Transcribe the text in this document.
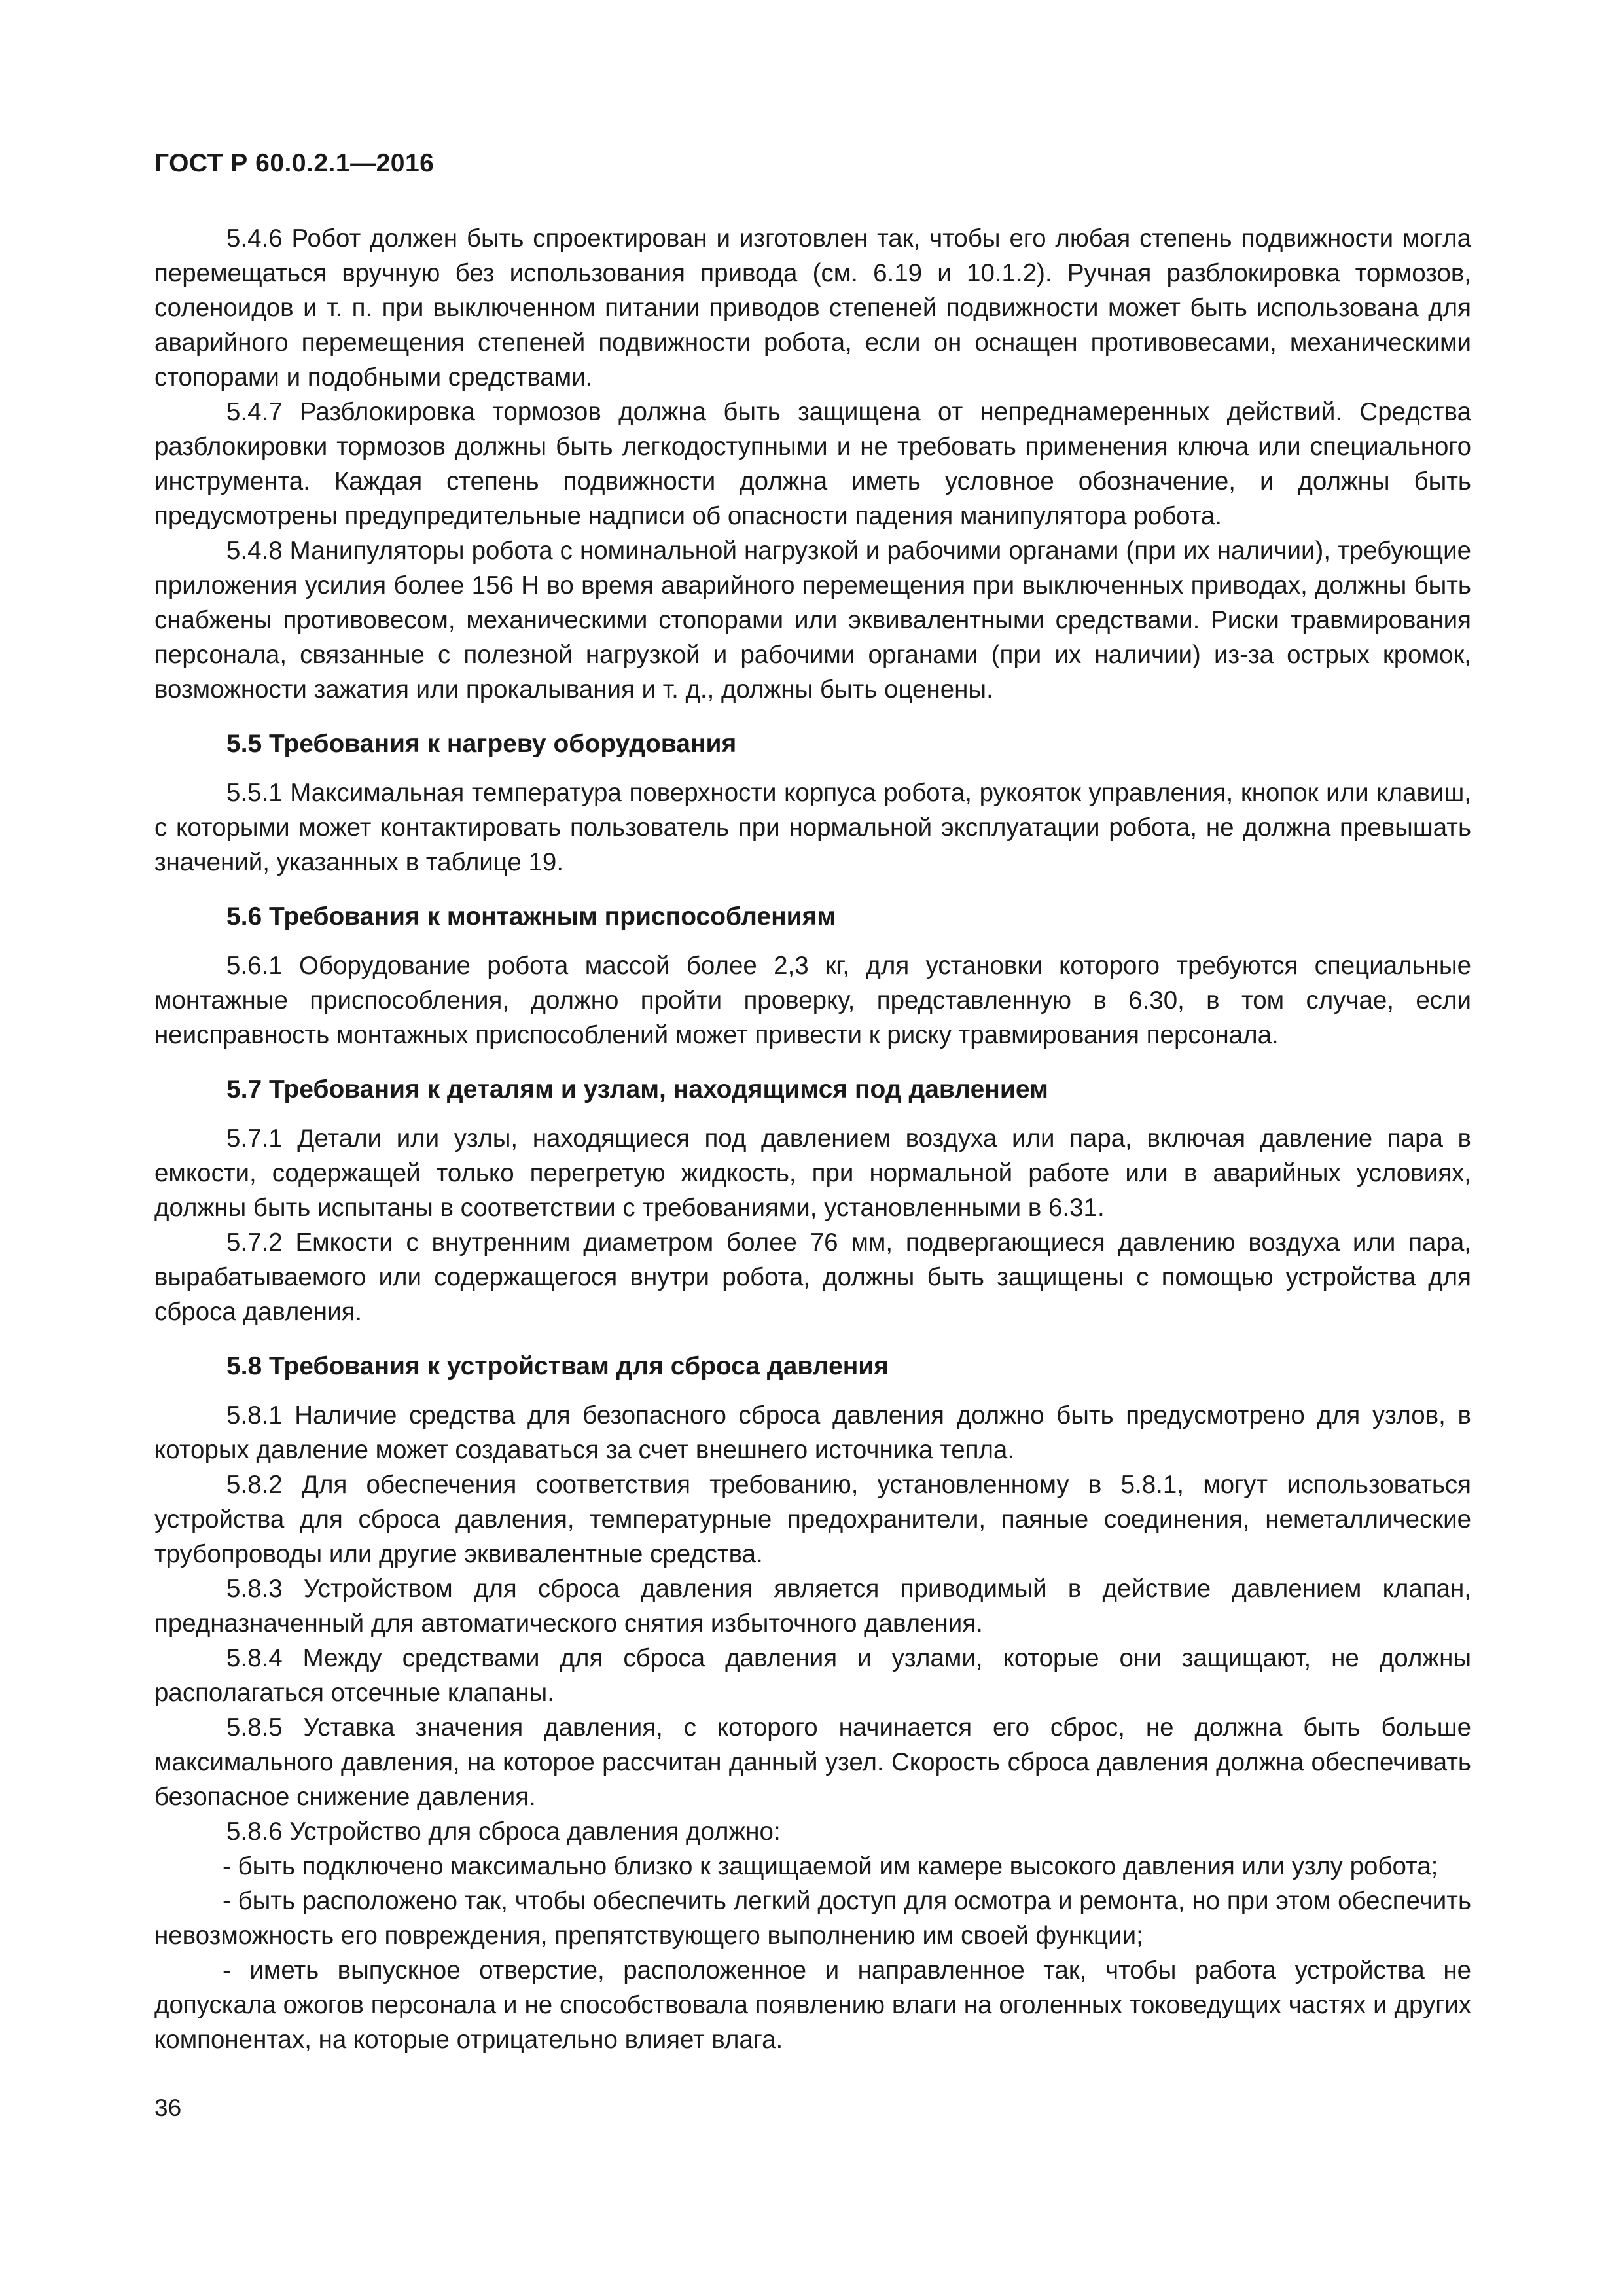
ГОСТ Р 60.0.2.1—2016

5.4.6 Робот должен быть спроектирован и изготовлен так, чтобы его любая степень подвижности могла перемещаться вручную без использования привода (см. 6.19 и 10.1.2). Ручная разблокировка тормозов, соленоидов и т. п. при выключенном питании приводов степеней подвижности может быть использована для аварийного перемещения степеней подвижности робота, если он оснащен противовесами, механическими стопорами и подобными средствами.

5.4.7 Разблокировка тормозов должна быть защищена от непреднамеренных действий. Средства разблокировки тормозов должны быть легкодоступными и не требовать применения ключа или специального инструмента. Каждая степень подвижности должна иметь условное обозначение, и должны быть предусмотрены предупредительные надписи об опасности падения манипулятора робота.

5.4.8 Манипуляторы робота с номинальной нагрузкой и рабочими органами (при их наличии), требующие приложения усилия более 156 Н во время аварийного перемещения при выключенных приводах, должны быть снабжены противовесом, механическими стопорами или эквивалентными средствами. Риски травмирования персонала, связанные с полезной нагрузкой и рабочими органами (при их наличии) из-за острых кромок, возможности зажатия или прокалывания и т. д., должны быть оценены.

5.5 Требования к нагреву оборудования

5.5.1 Максимальная температура поверхности корпуса робота, рукояток управления, кнопок или клавиш, с которыми может контактировать пользователь при нормальной эксплуатации робота, не должна превышать значений, указанных в таблице 19.

5.6 Требования к монтажным приспособлениям

5.6.1 Оборудование робота массой более 2,3 кг, для установки которого требуются специальные монтажные приспособления, должно пройти проверку, представленную в 6.30, в том случае, если неисправность монтажных приспособлений может привести к риску травмирования персонала.

5.7 Требования к деталям и узлам, находящимся под давлением

5.7.1 Детали или узлы, находящиеся под давлением воздуха или пара, включая давление пара в емкости, содержащей только перегретую жидкость, при нормальной работе или в аварийных условиях, должны быть испытаны в соответствии с требованиями, установленными в 6.31.

5.7.2 Емкости с внутренним диаметром более 76 мм, подвергающиеся давлению воздуха или пара, вырабатываемого или содержащегося внутри робота, должны быть защищены с помощью устройства для сброса давления.

5.8 Требования к устройствам для сброса давления

5.8.1 Наличие средства для безопасного сброса давления должно быть предусмотрено для узлов, в которых давление может создаваться за счет внешнего источника тепла.

5.8.2 Для обеспечения соответствия требованию, установленному в 5.8.1, могут использоваться устройства для сброса давления, температурные предохранители, паяные соединения, неметаллические трубопроводы или другие эквивалентные средства.

5.8.3 Устройством для сброса давления является приводимый в действие давлением клапан, предназначенный для автоматического снятия избыточного давления.

5.8.4 Между средствами для сброса давления и узлами, которые они защищают, не должны располагаться отсечные клапаны.

5.8.5 Уставка значения давления, с которого начинается его сброс, не должна быть больше максимального давления, на которое рассчитан данный узел. Скорость сброса давления должна обеспечивать безопасное снижение давления.

5.8.6 Устройство для сброса давления должно:

- быть подключено максимально близко к защищаемой им камере высокого давления или узлу робота;

- быть расположено так, чтобы обеспечить легкий доступ для осмотра и ремонта, но при этом обеспечить невозможность его повреждения, препятствующего выполнению им своей функции;

- иметь выпускное отверстие, расположенное и направленное так, чтобы работа устройства не допускала ожогов персонала и не способствовала появлению влаги на оголенных токоведущих частях и других компонентах, на которые отрицательно влияет влага.

36
